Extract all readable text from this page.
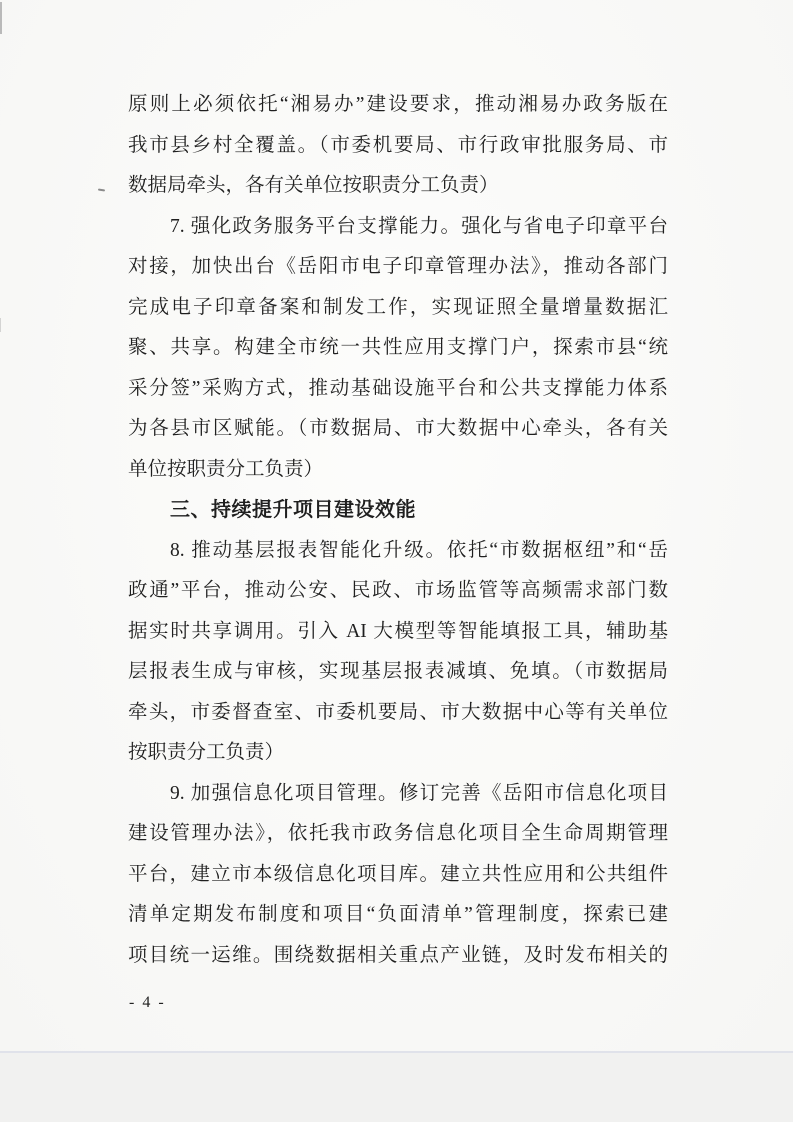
原则上必须依托“湘易办”建设要求，推动湘易办政务版在
我市县乡村全覆盖。（市委机要局、市行政审批服务局、市
数据局牵头，各有关单位按职责分工负责）
7. 强化政务服务平台支撑能力。强化与省电子印章平台
对接，加快出台《岳阳市电子印章管理办法》，推动各部门
完成电子印章备案和制发工作，实现证照全量增量数据汇
聚、共享。构建全市统一共性应用支撑门户，探索市县“统
采分签”采购方式，推动基础设施平台和公共支撑能力体系
为各县市区赋能。（市数据局、市大数据中心牵头，各有关
单位按职责分工负责）
三、持续提升项目建设效能
8. 推动基层报表智能化升级。依托“市数据枢纽”和“岳
政通”平台，推动公安、民政、市场监管等高频需求部门数
据实时共享调用。引入 AI 大模型等智能填报工具，辅助基
层报表生成与审核，实现基层报表减填、免填。（市数据局
牵头，市委督查室、市委机要局、市大数据中心等有关单位
按职责分工负责）
9. 加强信息化项目管理。修订完善《岳阳市信息化项目
建设管理办法》，依托我市政务信息化项目全生命周期管理
平台，建立市本级信息化项目库。建立共性应用和公共组件
清单定期发布制度和项目“负面清单”管理制度，探索已建
项目统一运维。围绕数据相关重点产业链，及时发布相关的
- 4 -
